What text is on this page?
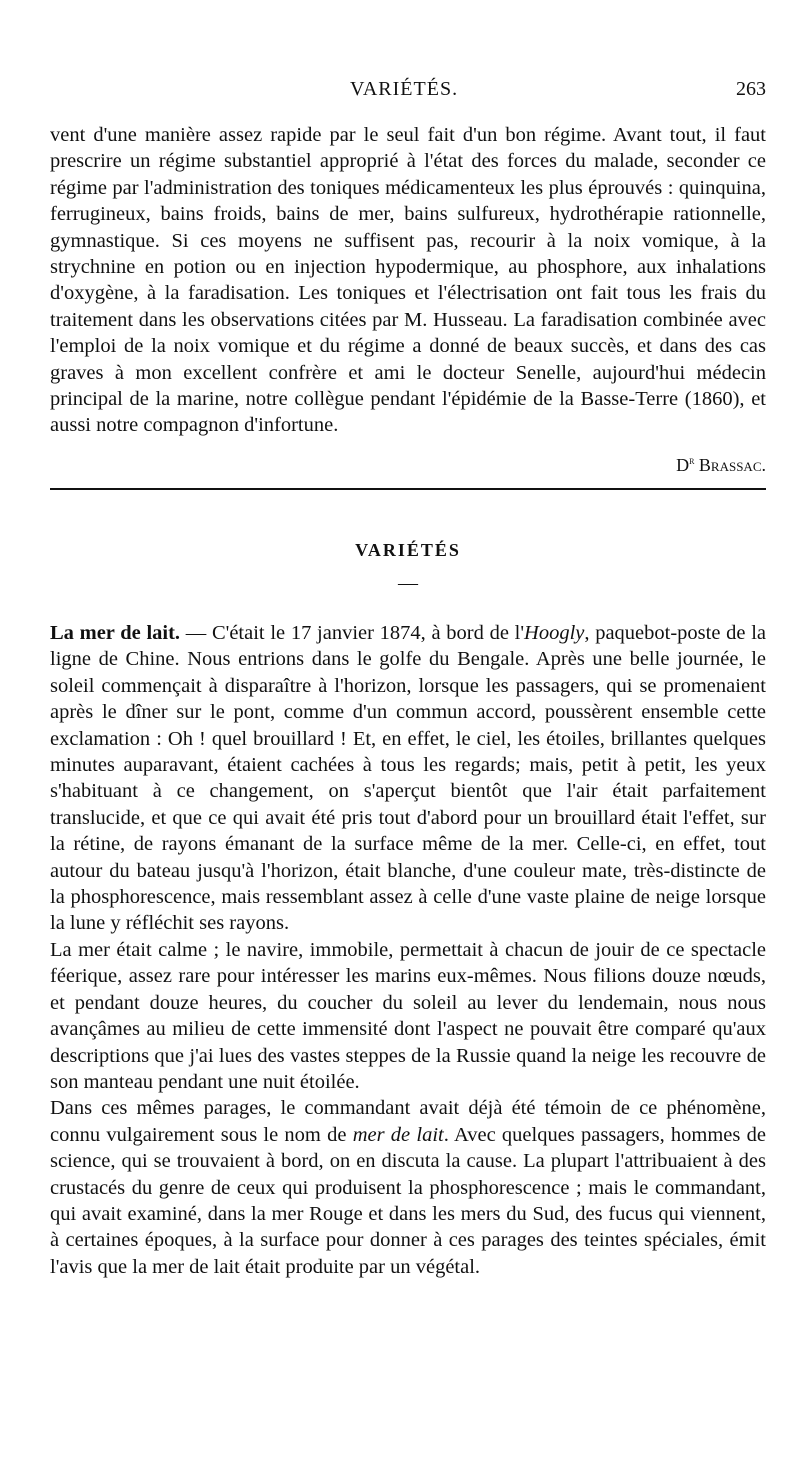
VARIÉTÉS.	263

vent d'une manière assez rapide par le seul fait d'un bon régime. Avant tout, il faut prescrire un régime substantiel approprié à l'état des forces du malade, seconder ce régime par l'administration des toniques médicamenteux les plus éprouvés : quinquina, ferrugineux, bains froids, bains de mer, bains sulfureux, hydrothérapie rationnelle, gymnastique. Si ces moyens ne suffisent pas, recourir à la noix vomique, à la strychnine en potion ou en injection hypodermique, au phosphore, aux inhalations d'oxygène, à la faradisation. Les toniques et l'électrisation ont fait tous les frais du traitement dans les observations citées par M. Husseau. La faradisation combinée avec l'emploi de la noix vomique et du régime a donné de beaux succès, et dans des cas graves à mon excellent confrère et ami le docteur Senelle, aujourd'hui médecin principal de la marine, notre collègue pendant l'épidémie de la Basse-Terre (1860), et aussi notre compagnon d'infortune.

$D^r$ Brassac.
VARIÉTÉS
—

La mer de lait. — C'était le 17 janvier 1874, à bord de l'Hoogly, paquebot-poste de la ligne de Chine. Nous entrions dans le golfe du Bengale. Après une belle journée, le soleil commençait à disparaître à l'horizon, lorsque les passagers, qui se promenaient après le dîner sur le pont, comme d'un commun accord, poussèrent ensemble cette exclamation : Oh ! quel brouillard ! Et, en effet, le ciel, les étoiles, brillantes quelques minutes auparavant, étaient cachées à tous les regards; mais, petit à petit, les yeux s'habituant à ce changement, on s'aperçut bientôt que l'air était parfaitement translucide, et que ce qui avait été pris tout d'abord pour un brouillard était l'effet, sur la rétine, de rayons émanant de la surface même de la mer. Celle-ci, en effet, tout autour du bateau jusqu'à l'horizon, était blanche, d'une couleur mate, très-distincte de la phosphorescence, mais ressemblant assez à celle d'une vaste plaine de neige lorsque la lune y réfléchit ses rayons.

La mer était calme ; le navire, immobile, permettait à chacun de jouir de ce spectacle féerique, assez rare pour intéresser les marins eux-mêmes. Nous filions douze nœuds, et pendant douze heures, du coucher du soleil au lever du lendemain, nous nous avançâmes au milieu de cette immensité dont l'aspect ne pouvait être comparé qu'aux descriptions que j'ai lues des vastes steppes de la Russie quand la neige les recouvre de son manteau pendant une nuit étoilée.

Dans ces mêmes parages, le commandant avait déjà été témoin de ce phénomène, connu vulgairement sous le nom de mer de lait. Avec quelques passagers, hommes de science, qui se trouvaient à bord, on en discuta la cause. La plupart l'attribuaient à des crustacés du genre de ceux qui produisent la phosphorescence ; mais le commandant, qui avait examiné, dans la mer Rouge et dans les mers du Sud, des fucus qui viennent, à certaines époques, à la surface pour donner à ces parages des teintes spéciales, émit l'avis que la mer de lait était produite par un végétal.
